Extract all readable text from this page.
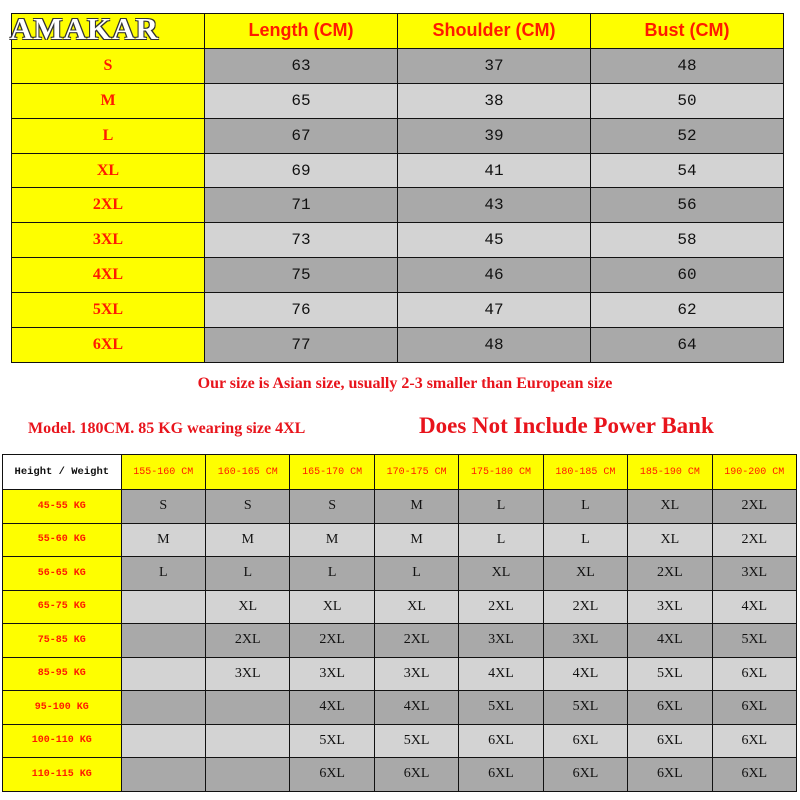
AMAKAR	Length (CM)	Shoulder (CM)	Bust (CM)
S	63	37	48
M	65	38	50
L	67	39	52
XL	69	41	54
2XL	71	43	56
3XL	73	45	58
4XL	75	46	60
5XL	76	47	62
6XL	77	48	64
Our size is Asian size, usually 2-3 smaller than European size
Model. 180CM. 85 KG wearing size 4XL	Does Not Include Power Bank
Height / Weight	155-160 CM	160-165 CM	165-170 CM	170-175 CM	175-180 CM	180-185 CM	185-190 CM	190-200 CM
45-55 KG	S	S	S	M	L	L	XL	2XL
55-60 KG	M	M	M	M	L	L	XL	2XL
56-65 KG	L	L	L	L	XL	XL	2XL	3XL
65-75 KG		XL	XL	XL	2XL	2XL	3XL	4XL
75-85 KG		2XL	2XL	2XL	3XL	3XL	4XL	5XL
85-95 KG		3XL	3XL	3XL	4XL	4XL	5XL	6XL
95-100 KG			4XL	4XL	5XL	5XL	6XL	6XL
100-110 KG			5XL	5XL	6XL	6XL	6XL	6XL
110-115 KG			6XL	6XL	6XL	6XL	6XL	6XL
